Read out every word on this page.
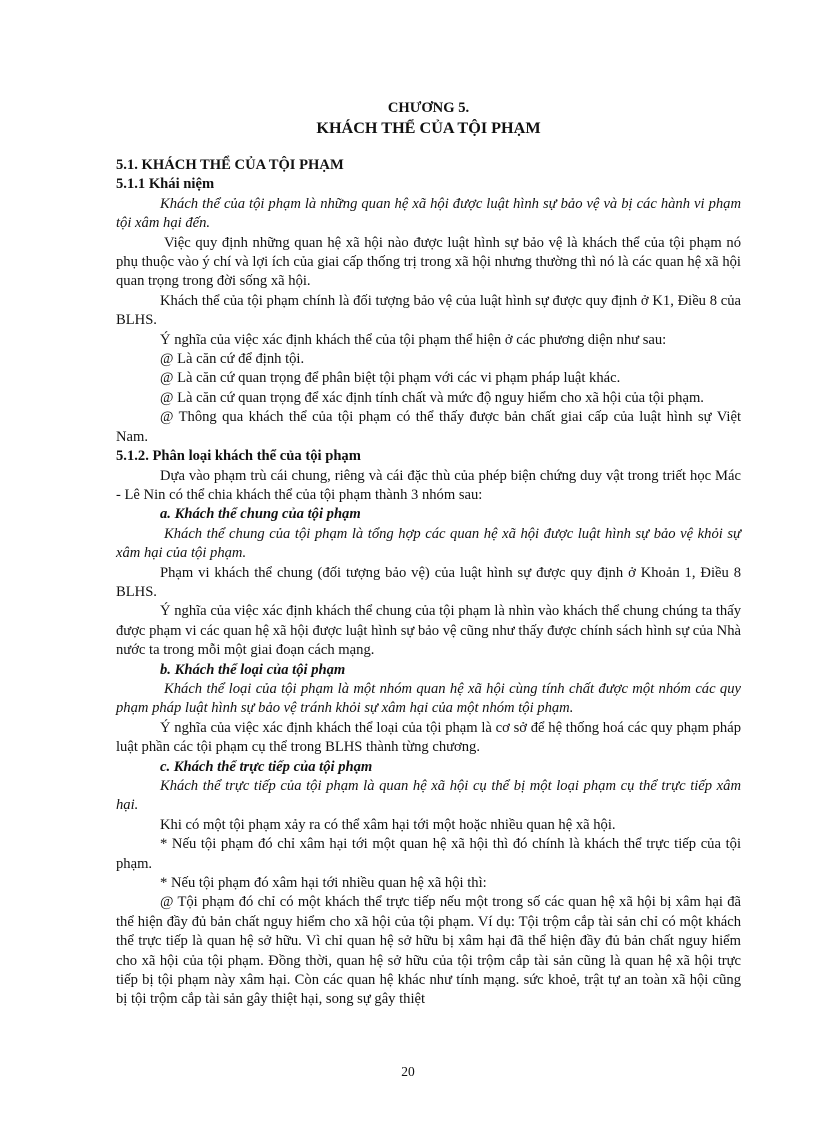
CHƯƠNG 5.

KHÁCH THỂ CỦA TỘI PHẠM

5.1. KHÁCH THỂ CỦA TỘI PHẠM

5.1.1 Khái niệm

Khách thể của tội phạm là những quan hệ xã hội được luật hình sự bảo vệ và bị các hành vi phạm tội xâm hại đến.

Việc quy định những quan hệ xã hội nào được luật hình sự bảo vệ là khách thể của tội phạm nó phụ thuộc vào ý chí và lợi ích của giai cấp thống trị trong xã hội nhưng thường thì nó là các quan hệ xã hội quan trọng trong đời sống xã hội.

Khách thể của tội phạm chính là đối tượng bảo vệ của luật hình sự được quy định ở K1, Điều 8 của BLHS.

Ý nghĩa của việc xác định khách thể của tội phạm thể hiện ở các phương diện như sau:

@ Là căn cứ để định tội.

@ Là căn cứ quan trọng để phân biệt tội phạm với các vi phạm pháp luật khác.

@ Là căn cứ quan trọng để xác định tính chất và mức độ nguy hiểm cho xã hội của tội phạm.

@ Thông qua khách thể của tội phạm có thể thấy được bản chất giai cấp của luật hình sự Việt Nam.

5.1.2. Phân loại khách thể của tội phạm

Dựa vào phạm trù cái chung, riêng và cái đặc thù của phép biện chứng duy vật trong triết học Mác - Lê Nin có thể chia khách thể của tội phạm thành 3 nhóm sau:

a. Khách thể chung của tội phạm

Khách thể chung của tội phạm là tổng hợp các quan hệ xã hội được luật hình sự bảo vệ khỏi sự xâm hại của tội phạm.

Phạm vi khách thể chung (đối tượng bảo vệ) của luật hình sự được quy định ở Khoản 1, Điều 8 BLHS.

Ý nghĩa của việc xác định khách thể chung của tội phạm là nhìn vào khách thể chung chúng ta thấy được phạm vi các quan hệ xã hội được luật hình sự bảo vệ cũng như thấy được chính sách hình sự của Nhà nước ta trong mỗi một giai đoạn cách mạng.

b. Khách thể loại của tội phạm

Khách thể loại của tội phạm là một nhóm quan hệ xã hội cùng tính chất được một nhóm các quy phạm pháp luật hình sự bảo vệ tránh khỏi sự xâm hại của một nhóm tội phạm.

Ý nghĩa của việc xác định khách thể loại của tội phạm là cơ sở để hệ thống hoá các quy phạm pháp luật phần các tội phạm cụ thể trong BLHS thành từng chương.

c. Khách thể trực tiếp của tội phạm

Khách thể trực tiếp của tội phạm là quan hệ xã hội cụ thể bị một loại phạm cụ thể trực tiếp xâm hại.

Khi có một tội phạm xảy ra có thể xâm hại tới một hoặc nhiều quan hệ xã hội.

* Nếu tội phạm đó chỉ xâm hại tới một quan hệ xã hội thì đó chính là khách thể trực tiếp của tội phạm.

* Nếu tội phạm đó xâm hại tới nhiều quan hệ xã hội thì:

@ Tội phạm đó chỉ có một khách thể trực tiếp nếu một trong số các quan hệ xã hội bị xâm hại đã thể hiện đầy đủ bản chất nguy hiểm cho xã hội của tội phạm. Ví dụ: Tội trộm cắp tài sản chỉ có một khách thể trực tiếp là quan hệ sở hữu. Vì chỉ quan hệ sở hữu bị xâm hại đã thể hiện đầy đủ bản chất nguy hiểm cho xã hội của tội phạm. Đồng thời, quan hệ sở hữu của tội trộm cắp tài sản cũng là quan hệ xã hội trực tiếp bị tội phạm này xâm hại. Còn các quan hệ khác như tính mạng. sức khoẻ, trật tự an toàn xã hội cũng bị tội trộm cắp tài sản gây thiệt hại, song sự gây thiệt

20
